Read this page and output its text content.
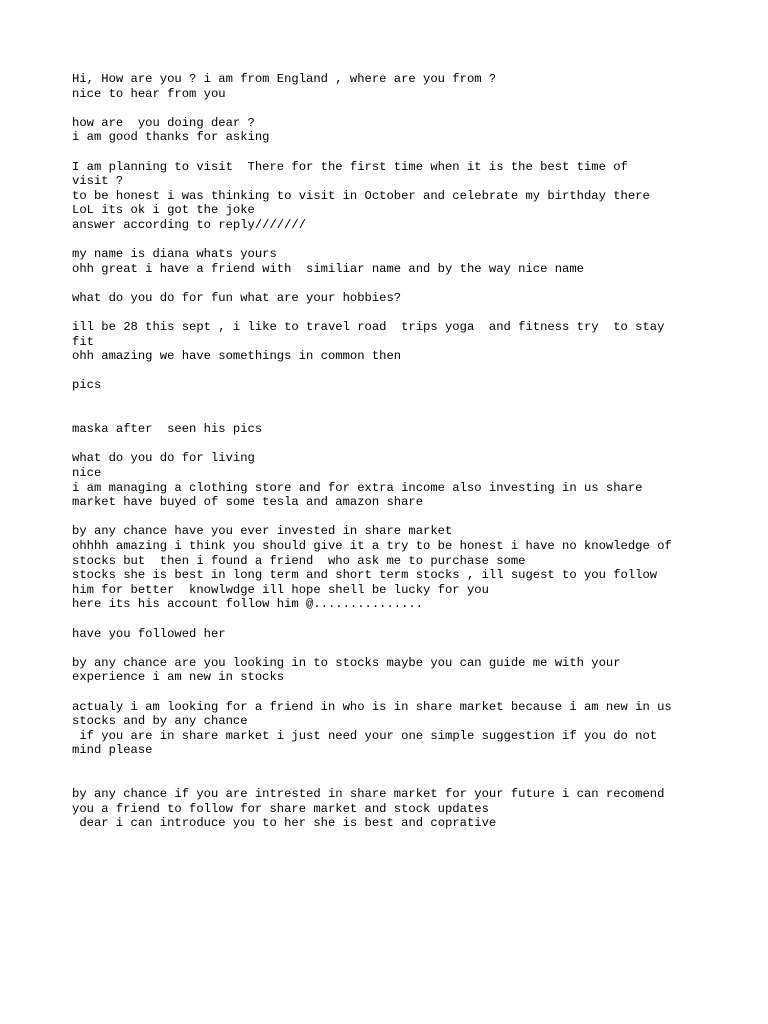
Hi, How are you ? i am from England , where are you from ?
nice to hear from you
how are  you doing dear ?
i am good thanks for asking
I am planning to visit  There for the first time when it is the best time of
visit ?
to be honest i was thinking to visit in October and celebrate my birthday there
LoL its ok i got the joke
answer according to reply///////
my name is diana whats yours
ohh great i have a friend with  similiar name and by the way nice name
what do you do for fun what are your hobbies?
ill be 28 this sept , i like to travel road  trips yoga  and fitness try  to stay
fit
ohh amazing we have somethings in common then
pics
maska after  seen his pics
what do you do for living
nice
i am managing a clothing store and for extra income also investing in us share
market have buyed of some tesla and amazon share
by any chance have you ever invested in share market
ohhhh amazing i think you should give it a try to be honest i have no knowledge of
stocks but  then i found a friend  who ask me to purchase some
stocks she is best in long term and short term stocks , ill sugest to you follow
him for better  knowlwdge ill hope shell be lucky for you
here its his account follow him @...............
have you followed her
by any chance are you looking in to stocks maybe you can guide me with your
experience i am new in stocks
actualy i am looking for a friend in who is in share market because i am new in us
stocks and by any chance
if you are in share market i just need your one simple suggestion if you do not
mind please
by any chance if you are intrested in share market for your future i can recomend
you a friend to follow for share market and stock updates
dear i can introduce you to her she is best and coprative
